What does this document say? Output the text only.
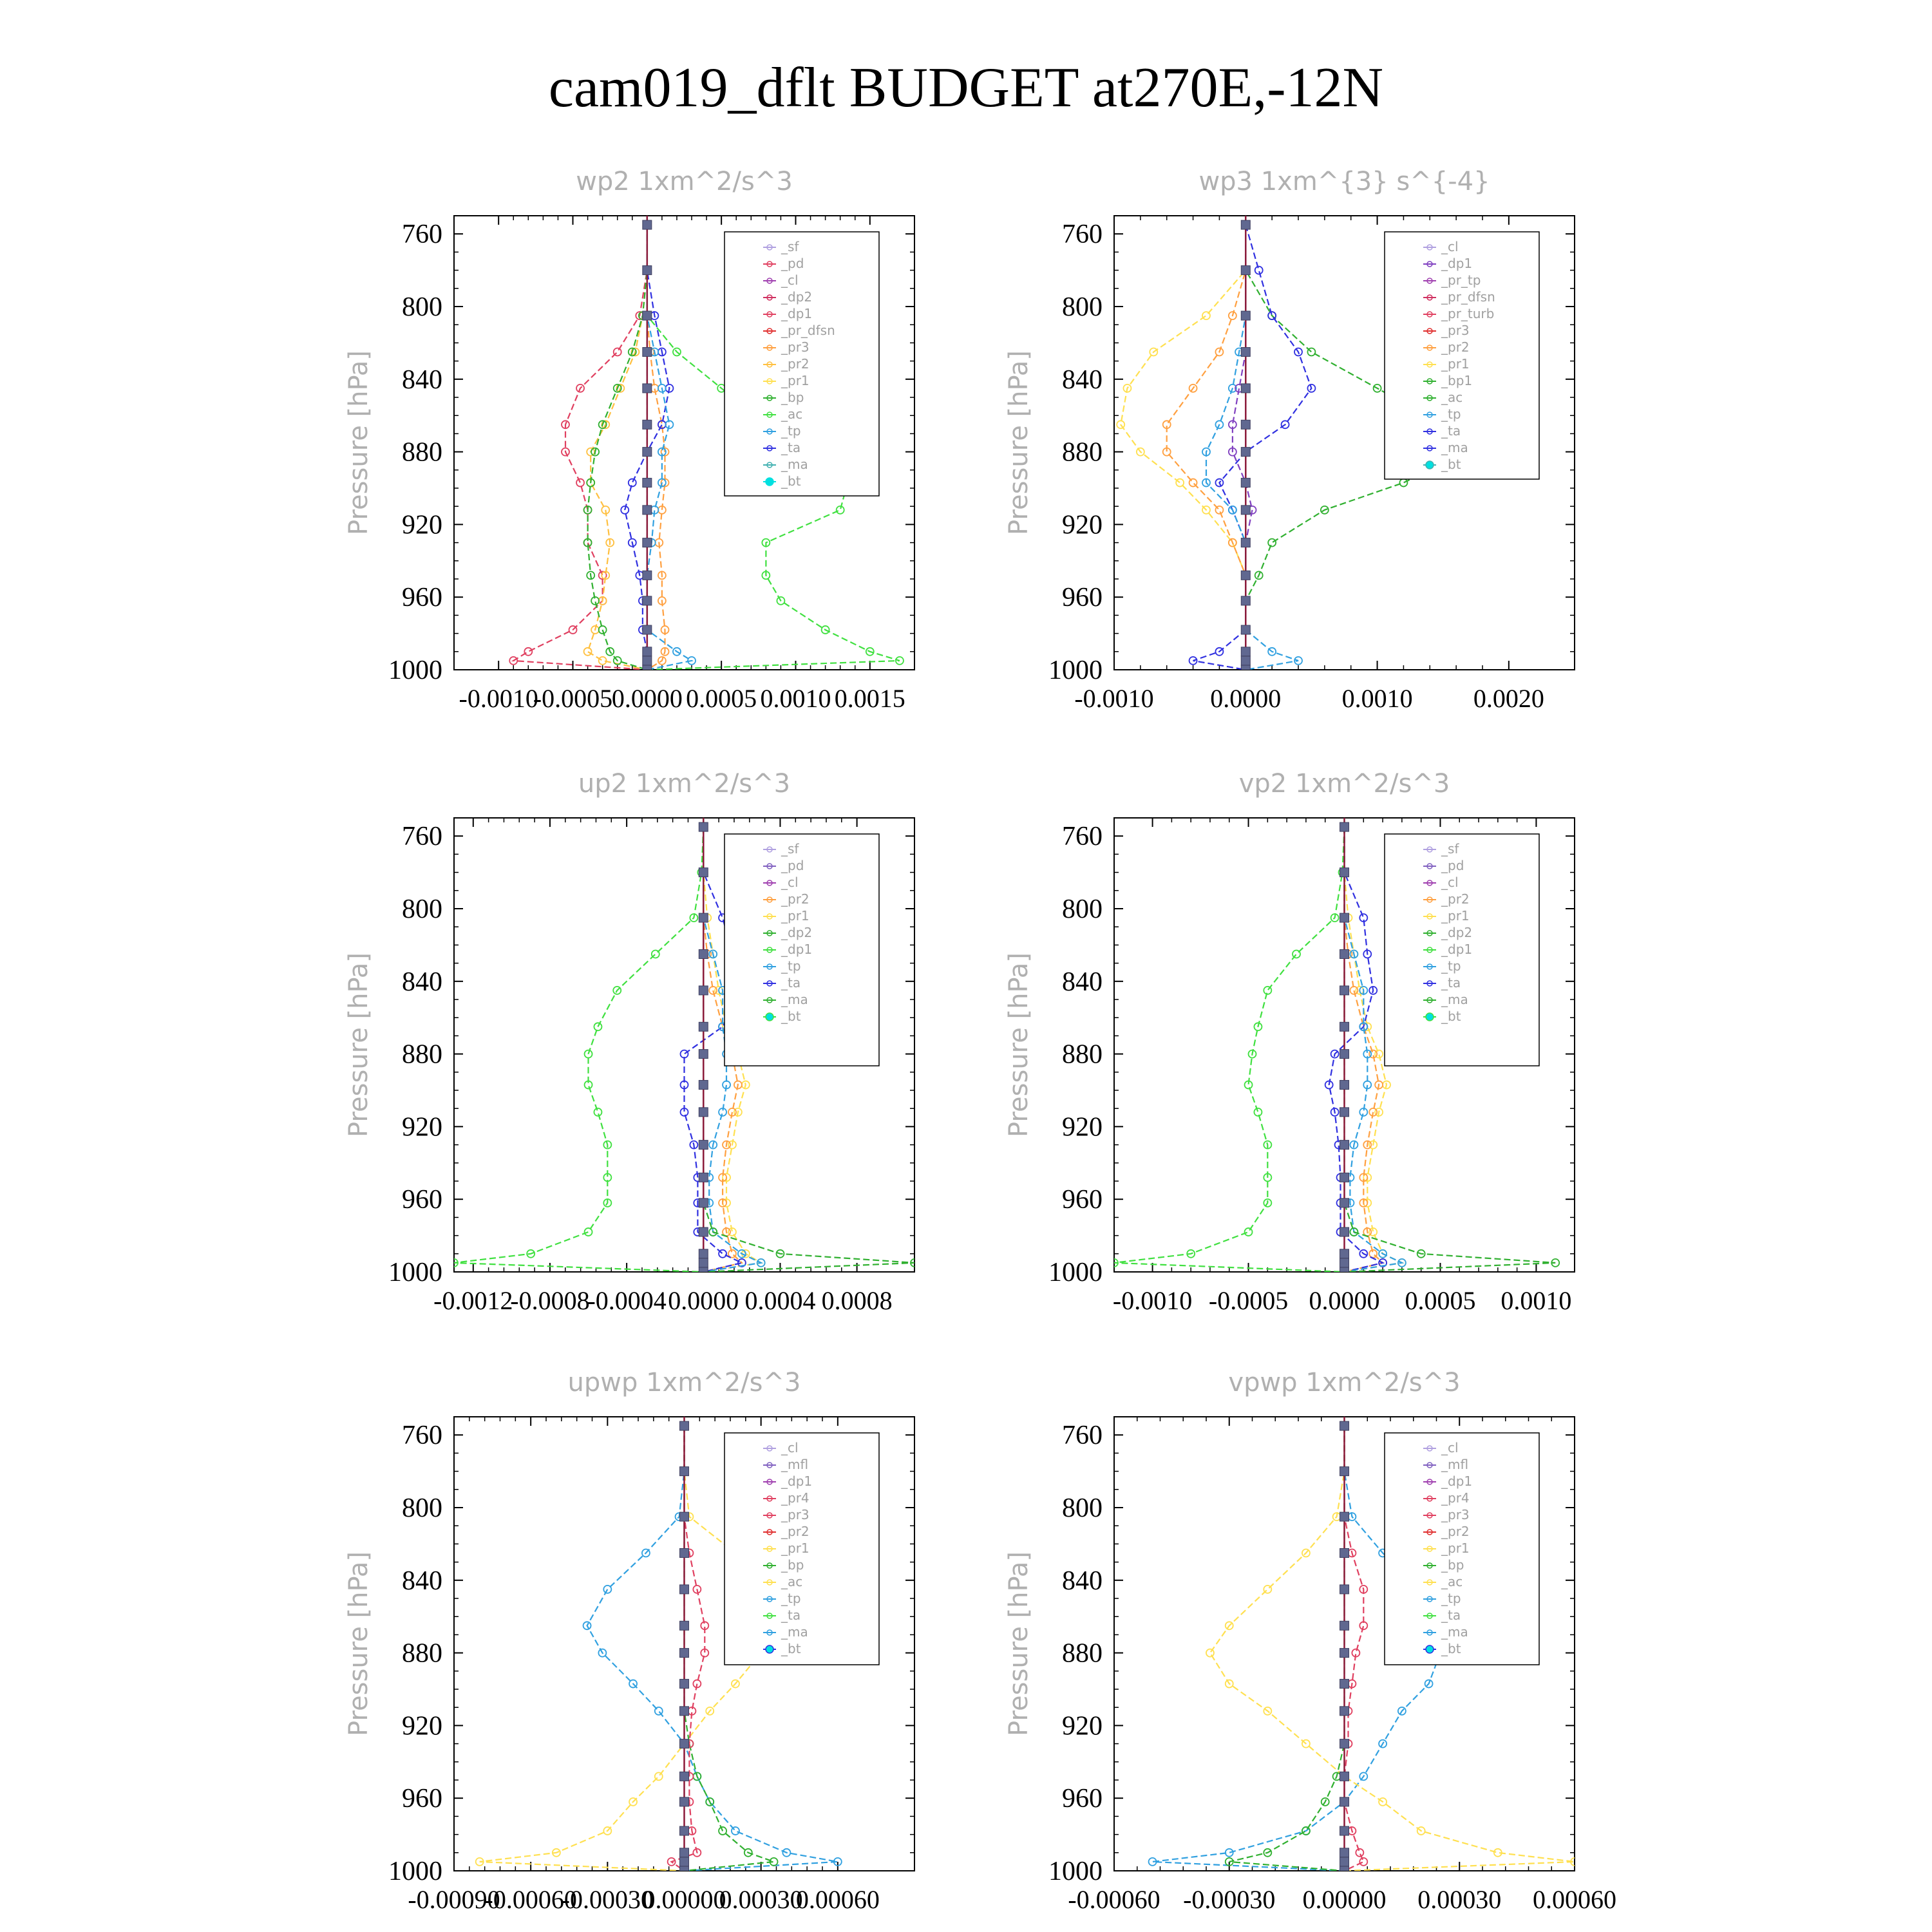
cam019_dflt BUDGET at270E,-12N
wp2 1xm^2/s^3
Pressure [hPa]
760
800
840
880
920
960
1000
-0.0010
-0.0005
0.0000 0.0005 0.0010 0.0015
_sf
_pd
_cl
_dp2
_dp1
_pr_dfsn
_pr3
_pr2
_pr1
_bp
_ac
_tp
_ta
_ma
_bt
wp3 1xm^{3} s^{-4}
Pressure [hPa]
760
800
840
880
920
960
1000
-0.0010 0.0000 0.0010 0.0020
_cl
_dp1
_pr_tp
_pr_dfsn
_pr_turb
_pr3
_pr2
_pr1
_bp1
_ac
_tp
_ta
_ma
_bt
up2 1xm^2/s^3
Pressure [hPa]
760
800
840
880
920
960
1000
-0.0012
-0.0008
-0.0004 0.0000 0.0004 0.0008
_sf
_pd
_cl
_pr2
_pr1
_dp2
_dp1
_tp
_ta
_ma
_bt
vp2 1xm^2/s^3
Pressure [hPa]
760
800
840
880
920
960
1000
-0.0010 -0.0005 0.0000 0.0005 0.0010
_sf
_pd
_cl
_pr2
_pr1
_dp2
_dp1
_tp
_ta
_ma
_bt
upwp 1xm^2/s^3
Pressure [hPa]
760
800
840
880
920
960
1000
-0.00090
-0.00060
-0.00030
0.00000
0.00030
0.00060
_cl
_mfl
_dp1
_pr4
_pr3
_pr2
_pr1
_bp
_ac
_tp
_ta
_ma
_bt
vpwp 1xm^2/s^3
Pressure [hPa]
760
800
840
880
920
960
1000
-0.00060 -0.00030 0.00000 0.00030 0.00060
_cl
_mfl
_dp1
_pr4
_pr3
_pr2
_pr1
_bp
_ac
_tp
_ta
_ma
_bt
